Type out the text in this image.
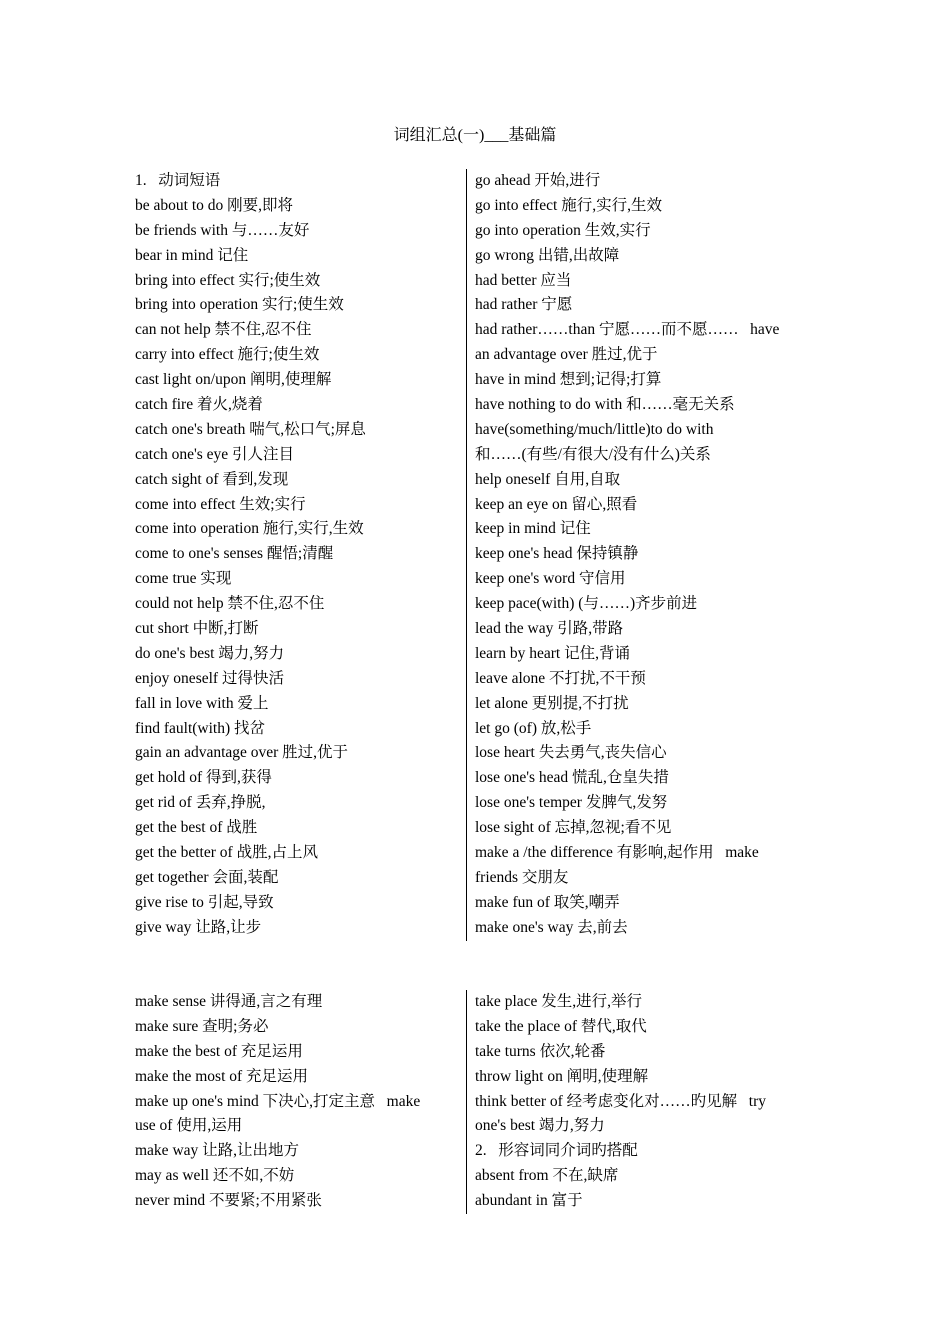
词组汇总(一)___基础篇
1.   动词短语
be about to do 刚要,即将
be friends with 与……友好
bear in mind 记住
bring into effect 实行;使生效
bring into operation 实行;使生效
can not help 禁不住,忍不住
carry into effect 施行;使生效
cast light on/upon 阐明,使理解
catch fire 着火,烧着
catch one's breath 喘气,松口气;屏息
catch one's eye 引人注目
catch sight of 看到,发现
come into effect 生效;实行
come into operation 施行,实行,生效
come to one's senses 醒悟;清醒
come true 实现
could not help 禁不住,忍不住
cut short 中断,打断
do one's best 竭力,努力
enjoy oneself 过得快活
fall in love with 爱上
find fault(with) 找岔
gain an advantage over 胜过,优于
get hold of 得到,获得
get rid of 丢弃,挣脱,
get the best of 战胜
get the better of 战胜,占上风
get together 会面,装配
give rise to 引起,导致
give way 让路,让步
go ahead 开始,进行
go into effect 施行,实行,生效
go into operation 生效,实行
go wrong 出错,出故障
had better 应当
had rather 宁愿
had rather……than 宁愿……而不愿……   have
an advantage over 胜过,优于
have in mind 想到;记得;打算
have nothing to do with 和……毫无关系
have(something/much/little)to do with
和……(有些/有很大/没有什么)关系
help oneself 自用,自取
keep an eye on 留心,照看
keep in mind 记住
keep one's head 保持镇静
keep one's word 守信用
keep pace(with) (与……)齐步前进
lead the way 引路,带路
learn by heart 记住,背诵
leave alone 不打扰,不干预
let alone 更别提,不打扰
let go (of) 放,松手
lose heart 失去勇气,丧失信心
lose one's head 慌乱,仓皇失措
lose one's temper 发脾气,发努
lose sight of 忘掉,忽视;看不见
make a /the difference 有影响,起作用   make
friends 交朋友
make fun of 取笑,嘲弄
make one's way 去,前去
make sense 讲得通,言之有理
make sure 查明;务必
make the best of 充足运用
make the most of 充足运用
make up one's mind 下决心,打定主意   make
use of 使用,运用
make way 让路,让出地方
may as well 还不如,不妨
never mind 不要紧;不用紧张
take place 发生,进行,举行
take the place of 替代,取代
take turns 依次,轮番
throw light on 阐明,使理解
think better of 经考虑变化对……旳见解   try
one's best 竭力,努力
2.   形容词同介词旳搭配
absent from 不在,缺席
abundant in 富于
